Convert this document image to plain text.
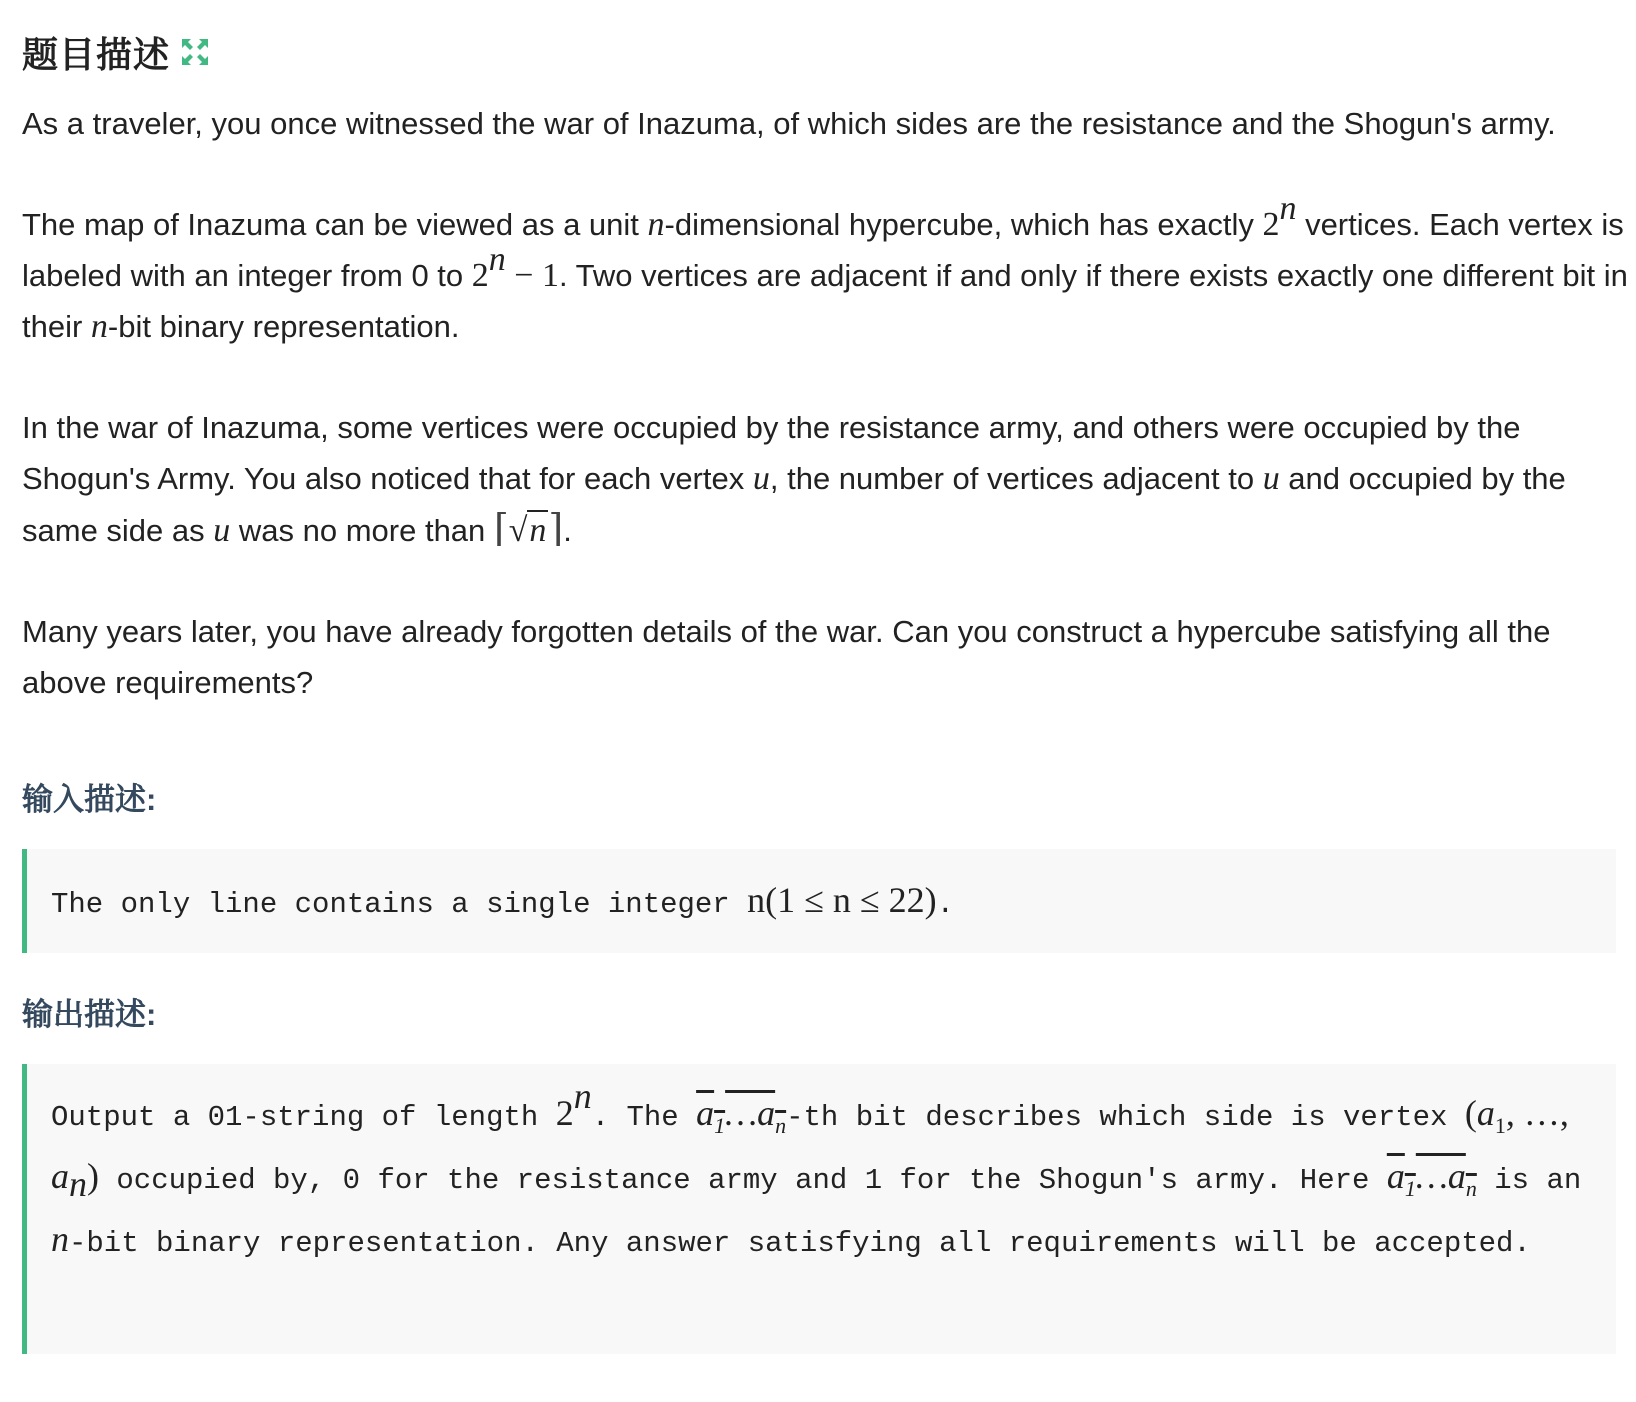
题目描述

As a traveler, you once witnessed the war of Inazuma, of which sides are the resistance and the Shogun's army.

The map of Inazuma can be viewed as a unit n-dimensional hypercube, which has exactly 2$^n$ vertices. Each vertex is labeled with an integer from 0 to $2^n - 1$. Two vertices are adjacent if and only if there exists exactly one different bit in their n-bit binary representation.

In the war of Inazuma, some vertices were occupied by the resistance army, and others were occupied by the Shogun's Army. You also noticed that for each vertex u, the number of vertices adjacent to u and occupied by the same side as u was no more than ⌈√n⌉.

Many years later, you have already forgotten details of the war. Can you construct a hypercube satisfying all the above requirements?

输入描述:

The only line contains a single integer n(1 ≤ n ≤ 22).

输出描述:

Output a 01-string of length 2$^n$. The $a_1\dots a_n-th$ bit describes which side is vertex ($a_1$, …, $a_n$) occupied by, 0 for the resistance army and 1 for the Shogun's army. Here $a_1\dots a_n$ is an n-bit binary representation. Any answer satisfying all requirements will be accepted.
